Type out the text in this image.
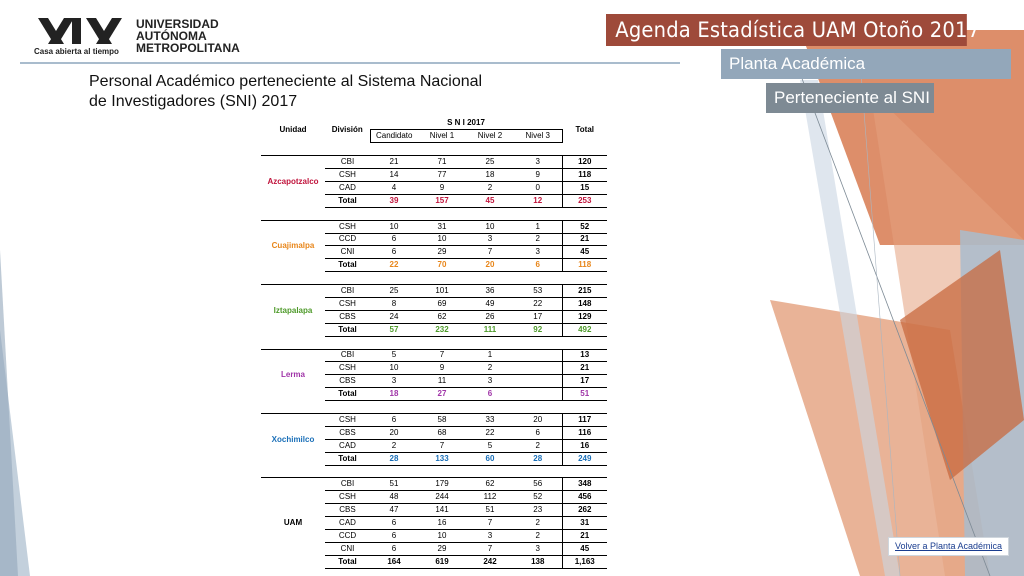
UNIVERSIDAD
AUTÓNOMA
METROPOLITANA
Casa abierta al tiempo
Agenda Estadística UAM Otoño 2017
Planta Académica
Perteneciente al SNI
Personal Académico perteneciente al Sistema Nacional
de Investigadores (SNI) 2017
Unidad	División	S N I 2017				Total
		Candidato	Nivel 1	Nivel 2	Nivel 3	

Azcapotzalco	CBI	21	71	25	3	120
	CSH	14	77	18	9	118
	CAD	4	9	2	0	15
	Total	39	157	45	12	253

Cuajimalpa	CSH	10	31	10	1	52
	CCD	6	10	3	2	21
	CNI	6	29	7	3	45
	Total	22	70	20	6	118

Iztapalapa	CBI	25	101	36	53	215
	CSH	8	69	49	22	148
	CBS	24	62	26	17	129
	Total	57	232	111	92	492

Lerma	CBI	5	7	1		13
	CSH	10	9	2		21
	CBS	3	11	3		17
	Total	18	27	6		51

Xochimilco	CSH	6	58	33	20	117
	CBS	20	68	22	6	116
	CAD	2	7	5	2	16
	Total	28	133	60	28	249

UAM	CBI	51	179	62	56	348
	CSH	48	244	112	52	456
	CBS	47	141	51	23	262
	CAD	6	16	7	2	31
	CCD	6	10	3	2	21
	CNI	6	29	7	3	45
	Total	164	619	242	138	1,163
Volver a Planta Académica
